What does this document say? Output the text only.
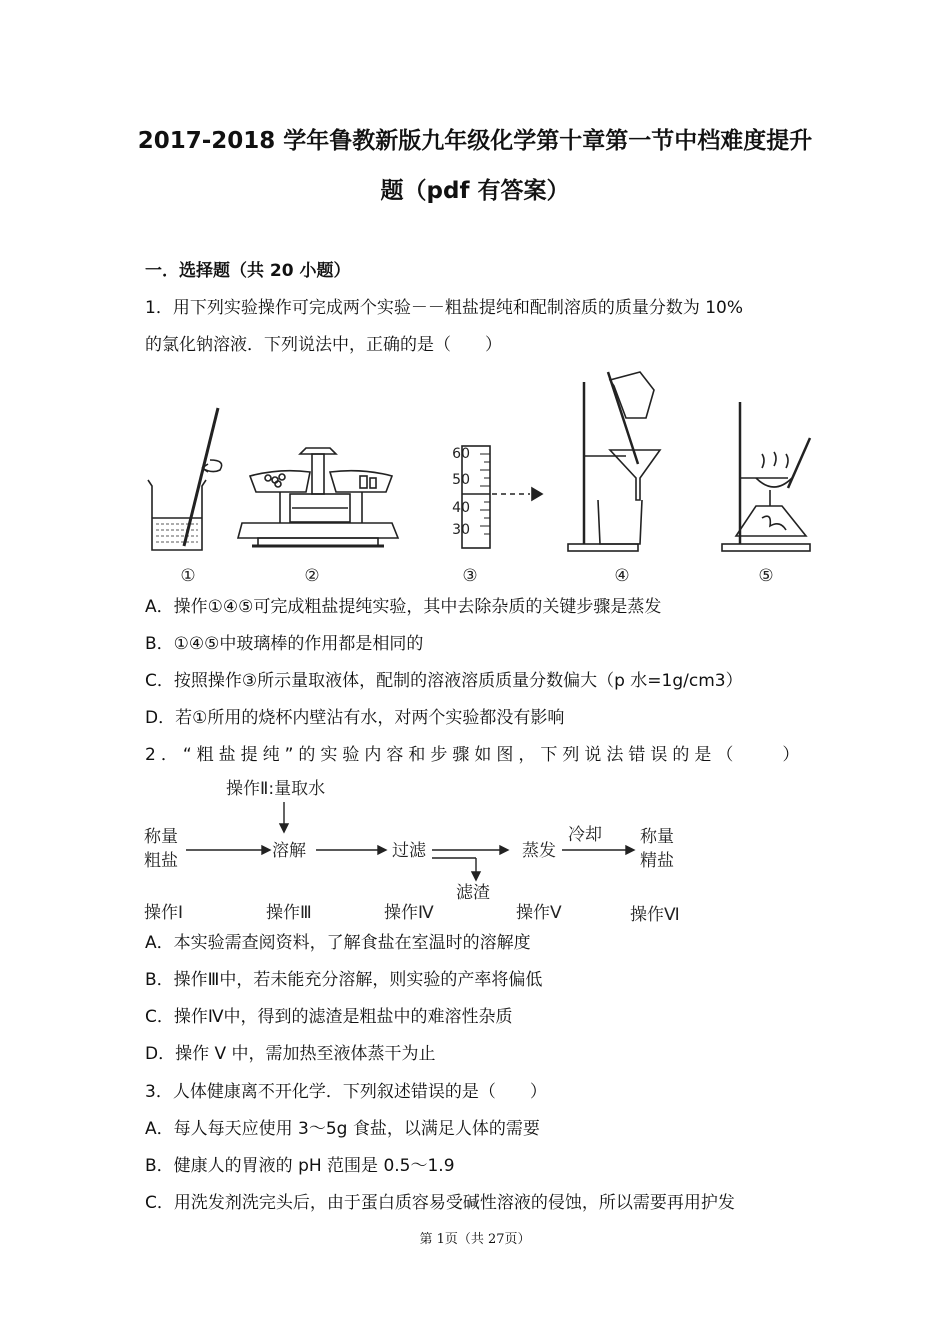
2017-2018 学年鲁教新版九年级化学第十章第一节中档难度提升
题（pdf 有答案）
一．选择题（共 20 小题）
1．用下列实验操作可完成两个实验－－粗盐提纯和配制溶质的质量分数为 10%
的氯化钠溶液．下列说法中，正确的是（　　）
60
50
40
30
①	②	③	④	⑤
A．操作①④⑤可完成粗盐提纯实验，其中去除杂质的关键步骤是蒸发
B．①④⑤中玻璃棒的作用都是相同的
C．按照操作③所示量取液体，配制的溶液溶质质量分数偏大（p 水=1g/cm3）
D．若①所用的烧杯内壁沾有水，对两个实验都没有影响
2．“粗盐提纯”的实验内容和步骤如图，下列说法错误的是（　　）
操作Ⅱ:量取水
称量
粗盐	溶解	过滤	蒸发
冷却 称量
精盐
滤渣
操作Ⅰ	操作Ⅲ	操作Ⅳ	操作Ⅴ	操作Ⅵ
A．本实验需查阅资料，了解食盐在室温时的溶解度
B．操作Ⅲ中，若未能充分溶解，则实验的产率将偏低
C．操作Ⅳ中，得到的滤渣是粗盐中的难溶性杂质
D．操作 V 中，需加热至液体蒸干为止
3．人体健康离不开化学．下列叙述错误的是（　　）
A．每人每天应使用 3～5g 食盐，以满足人体的需要
B．健康人的胃液的 pH 范围是 0.5～1.9
C．用洗发剂洗完头后，由于蛋白质容易受碱性溶液的侵蚀，所以需要再用护发
第 1页（共 27页）
